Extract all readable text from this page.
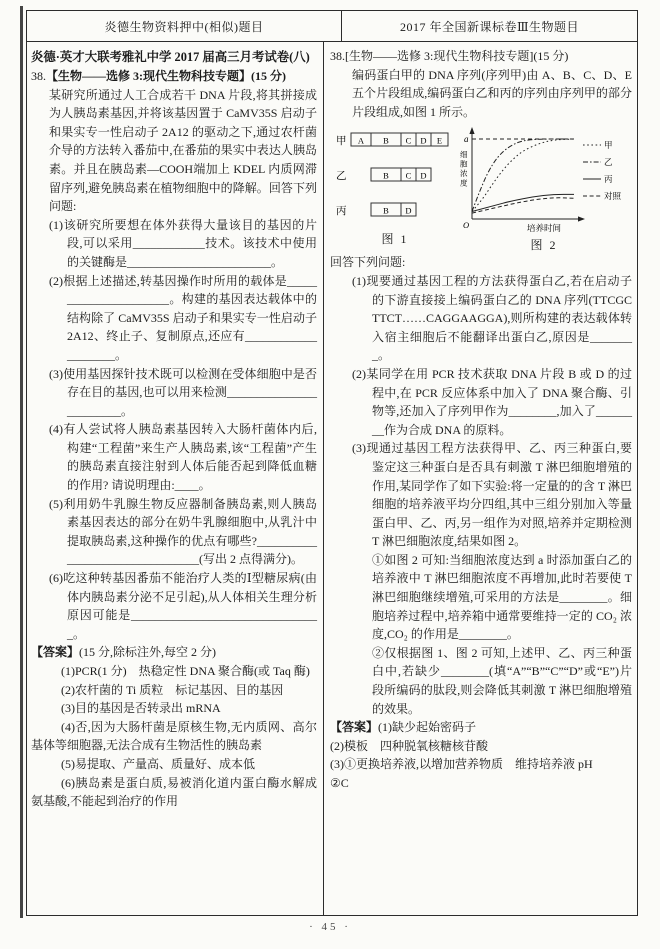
炎德生物资料押中(相似)题目	2017 年全国新课标卷Ⅲ生物题目

炎德·英才大联考雅礼中学 2017 届高三月考试卷(八)

38.【生物——选修 3:现代生物科技专题】(15 分)

某研究所通过人工合成若干 DNA 片段,将其拼接成为人胰岛素基因,并将该基因置于 CaMV35S 启动子和果实专一性启动子 2A12 的驱动之下,通过农杆菌介导的方法转入番茄中,在番茄的果实中表达人胰岛素。并且在胰岛素—COOH端加上 KDEL 内质网滞留序列,避免胰岛素在植物细胞中的降解。回答下列问题:

(1)该研究所要想在体外获得大量该目的基因的片段,可以采用____________技术。该技术中使用的关键酶是________________________。

(2)根据上述描述,转基因操作时所用的载体是______________________。构建的基因表达载体中的结构除了 CaMV35S 启动子和果实专一性启动子 2A12、终止子、复制原点,还应有____________________。

(3)使用基因探针技术既可以检测在受体细胞中是否存在目的基因,也可以用来检测________________________。

(4)有人尝试将人胰岛素基因转入大肠杆菌体内后,构建“工程菌”来生产人胰岛素,该“工程菌”产生的胰岛素直接注射到人体后能否起到降低血糖的作用? 请说明理由:____。

(5)利用奶牛乳腺生物反应器制备胰岛素,则人胰岛素基因表达的部分在奶牛乳腺细胞中,从乳汁中提取胰岛素,这种操作的优点有哪些?________________________________(写出 2 点得满分)。

(6)吃这种转基因番茄不能治疗人类的Ⅰ型糖尿病(由体内胰岛素分泌不足引起),从人体相关生理分析原因可能是________________________________。

【答案】(15 分,除标注外,每空 2 分)

(1)PCR(1 分)　热稳定性 DNA 聚合酶(或 Taq 酶)

(2)农杆菌的 Ti 质粒　标记基因、目的基因

(3)目的基因是否转录出 mRNA

(4)否,因为大肠杆菌是原核生物,无内质网、高尔基体等细胞器,无法合成有生物活性的胰岛素

(5)易提取、产量高、质量好、成本低

(6)胰岛素是蛋白质,易被消化道内蛋白酶水解成氨基酸,不能起到治疗的作用

38.[生物——选修 3:现代生物科技专题](15 分)

编码蛋白甲的 DNA 序列(序列甲)由 A、B、C、D、E 五个片段组成,编码蛋白乙和丙的序列由序列甲的部分片段组成,如图 1 所示。

甲 A B C D E
乙	B C D
丙	B D
图 1
a
O
细胞浓度
培养时间
甲
乙
丙
对照
图 2

回答下列问题:

(1)现要通过基因工程的方法获得蛋白乙,若在启动子的下游直接接上编码蛋白乙的 DNA 序列(TTCGCTTCT……CAGGAAGGA),则所构建的表达载体转入宿主细胞后不能翻译出蛋白乙,原因是________。

(2)某同学在用 PCR 技术获取 DNA 片段 B 或 D 的过程中,在 PCR 反应体系中加入了 DNA 聚合酶、引物等,还加入了序列甲作为________,加入了________作为合成 DNA 的原料。

(3)现通过基因工程方法获得甲、乙、丙三种蛋白,要鉴定这三种蛋白是否具有刺激 T 淋巴细胞增殖的作用,某同学作了如下实验:将一定量的的含 T 淋巴细胞的培养液平均分四组,其中三组分别加入等量蛋白甲、乙、丙,另一组作为对照,培养并定期检测 T 淋巴细胞浓度,结果如图 2。

①如图 2 可知:当细胞浓度达到 a 时添加蛋白乙的培养液中 T 淋巴细胞浓度不再增加,此时若要使 T 淋巴细胞继续增殖,可采用的方法是________。细胞培养过程中,培养箱中通常要维持一定的 CO₂ 浓度,CO₂ 的作用是________。

②仅根据图 1、图 2 可知,上述甲、乙、丙三种蛋白中,若缺少________(填“A”“B”“C”“D”或“E”)片段所编码的肽段,则会降低其刺激 T 淋巴细胞增殖的效果。

【答案】(1)缺少起始密码子

(2)模板　四种脱氧核糖核苷酸

(3)①更换培养液,以增加营养物质　维持培养液 pH

②C

· 45 ·
